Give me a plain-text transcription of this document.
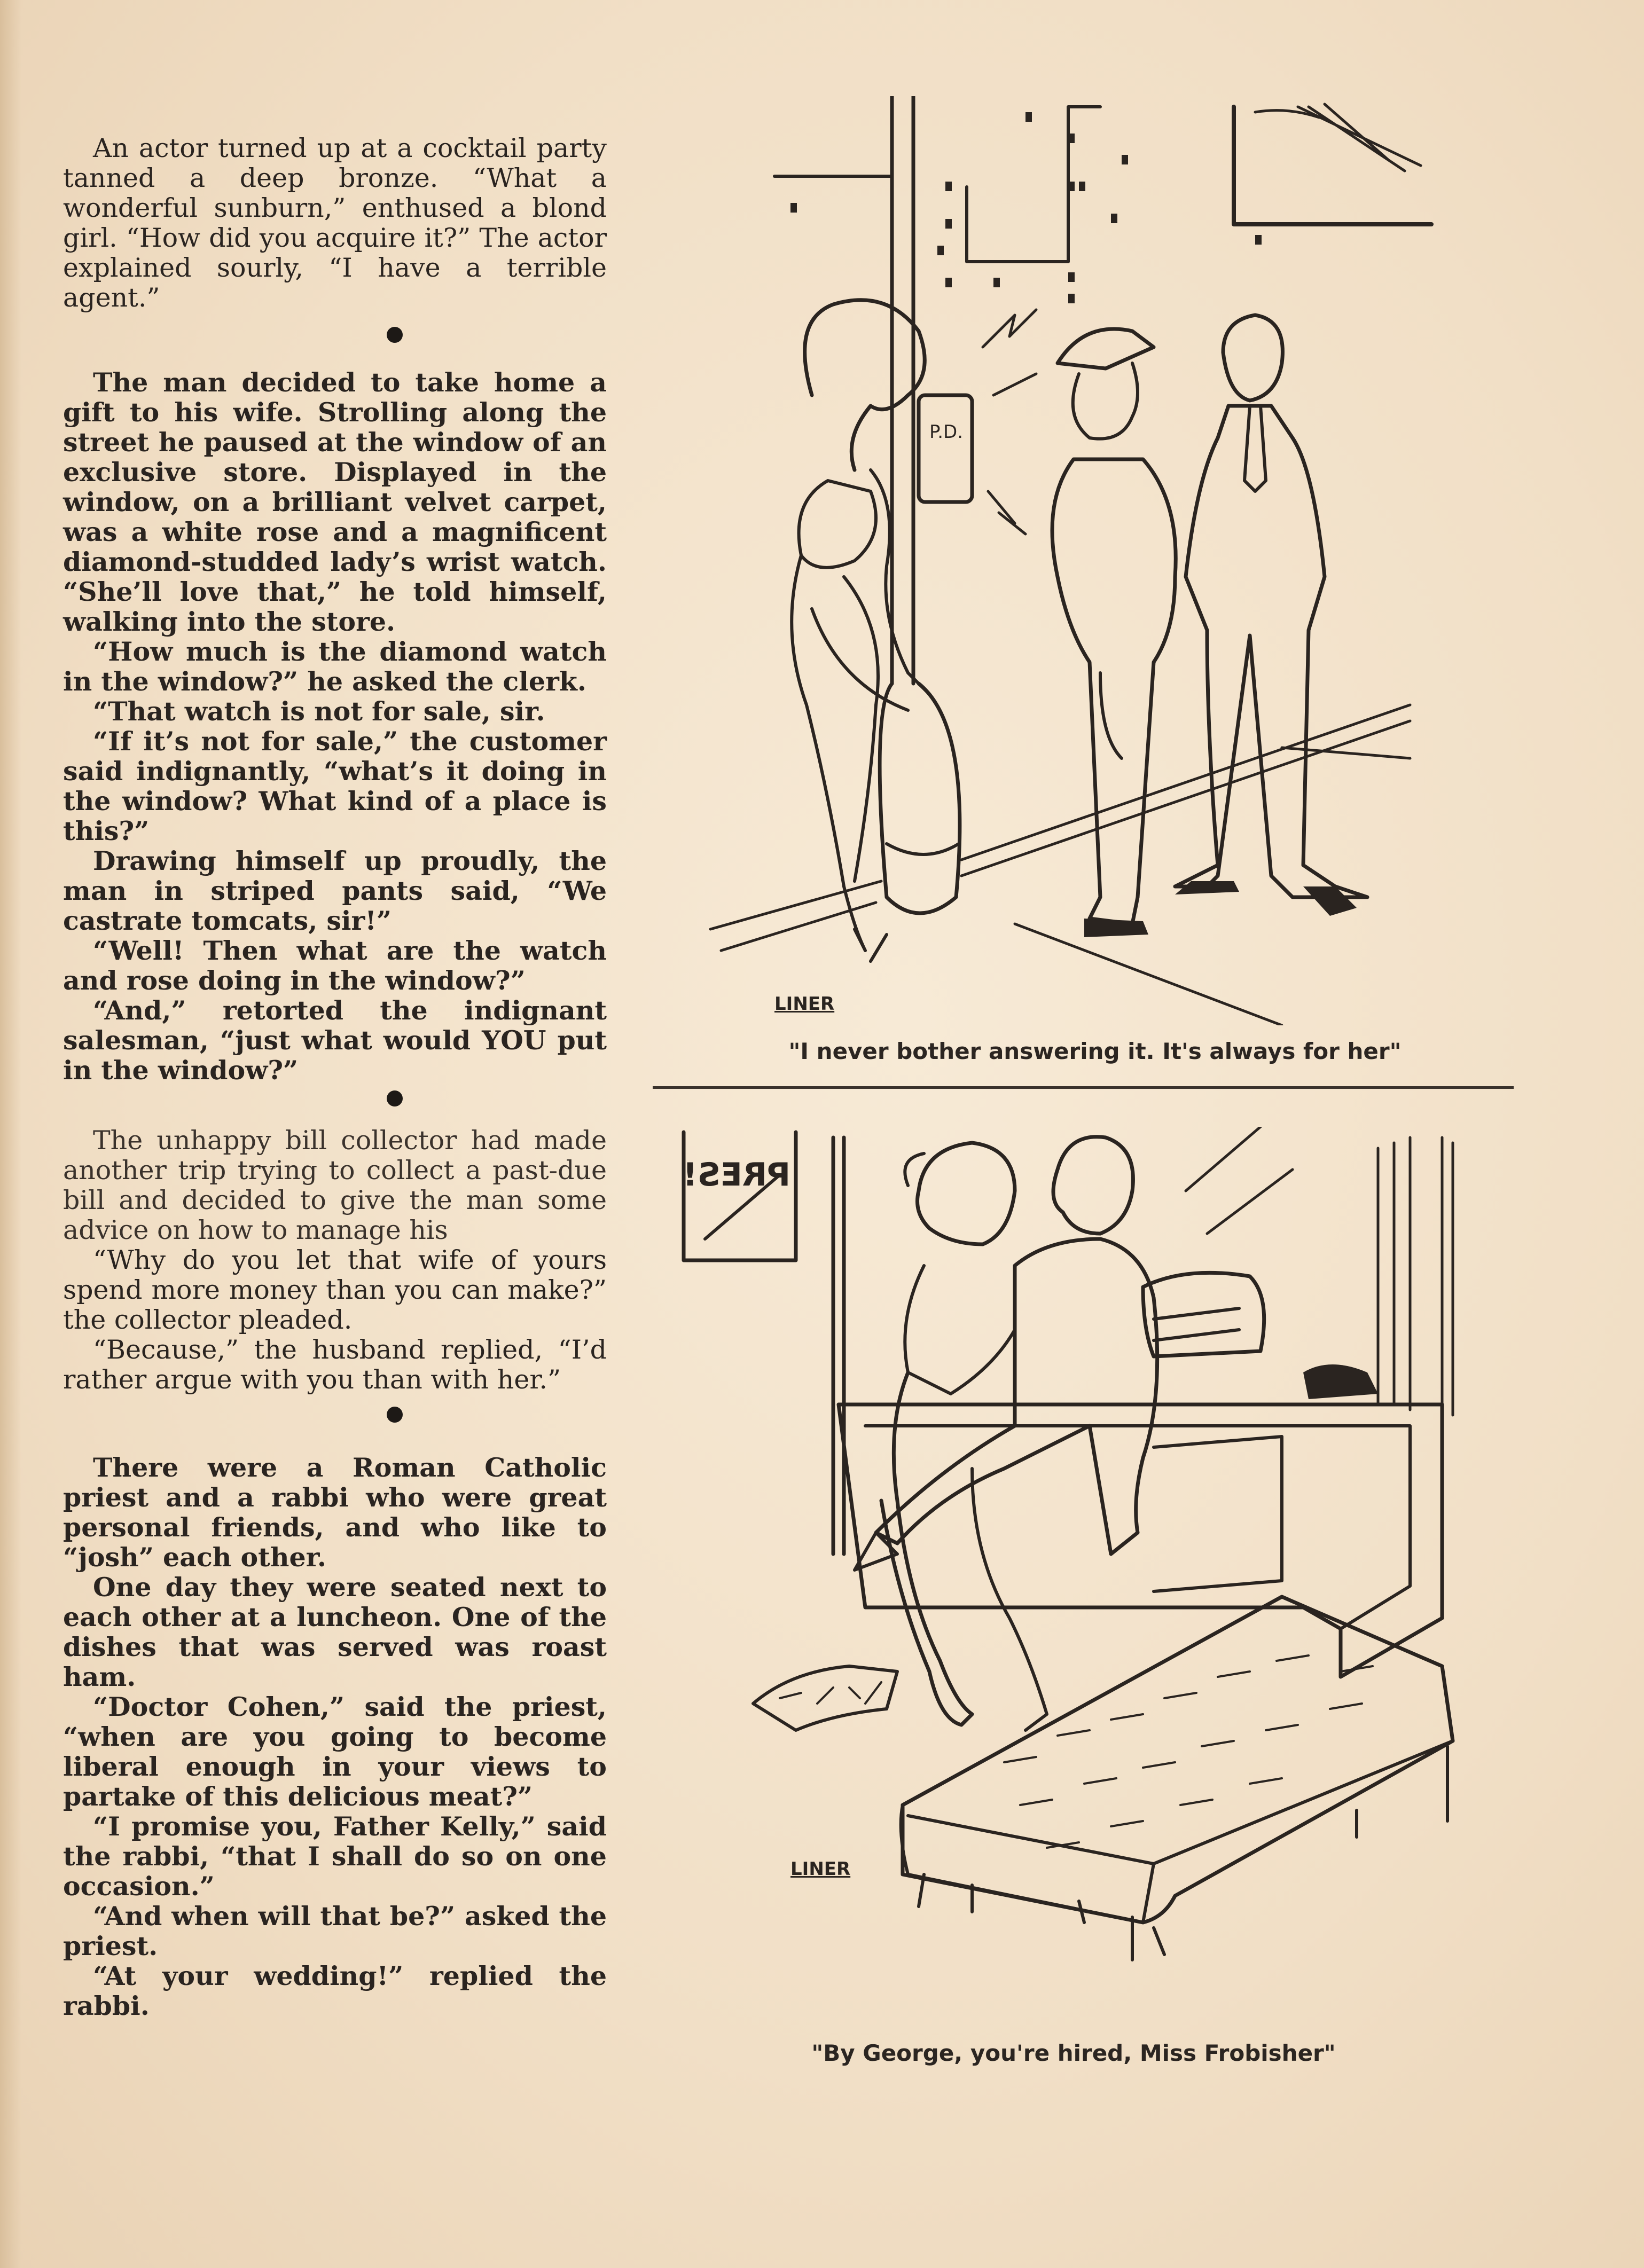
An actor turned up at a cocktail party tanned a deep bronze. “What a wonderful sunburn,” enthused a blond girl. “How did you acquire it?” The actor explained sourly, “I have a terrible agent.”

The man decided to take home a gift to his wife. Strolling along the street he paused at the window of an exclusive store. Displayed in the window, on a brilliant velvet carpet, was a white rose and a magnificent diamond-studded lady’s wrist watch. “She’ll love that,” he told himself, walking into the store.

“How much is the diamond watch in the window?” he asked the clerk.

“That watch is not for sale, sir.

“If it’s not for sale,” the customer said indignantly, “what’s it doing in the window? What kind of a place is this?”

Drawing himself up proudly, the man in striped pants said, “We castrate tomcats, sir!”

“Well! Then what are the watch and rose doing in the window?”

“And,” retorted the indignant salesman, “just what would YOU put in the window?”

The unhappy bill collector had made another trip trying to collect a past-due bill and decided to give the man some advice on how to manage his

“Why do you let that wife of yours spend more money than you can make?” the collector pleaded.

“Because,” the husband replied, “I’d rather argue with you than with her.”

There were a Roman Catholic priest and a rabbi who were great personal friends, and who like to “josh” each other.

One day they were seated next to each other at a luncheon. One of the dishes that was served was roast ham.

“Doctor Cohen,” said the priest, “when are you going to become liberal enough in your views to partake of this delicious meat?”

“I promise you, Father Kelly,” said the rabbi, “that I shall do so on one occasion.”

“And when will that be?” asked the priest.

“At your wedding!” replied the rabbi.

P.D.
LINER
"I never bother answering it. It's always for her"
PRES!
LINER
"By George, you're hired, Miss Frobisher"
